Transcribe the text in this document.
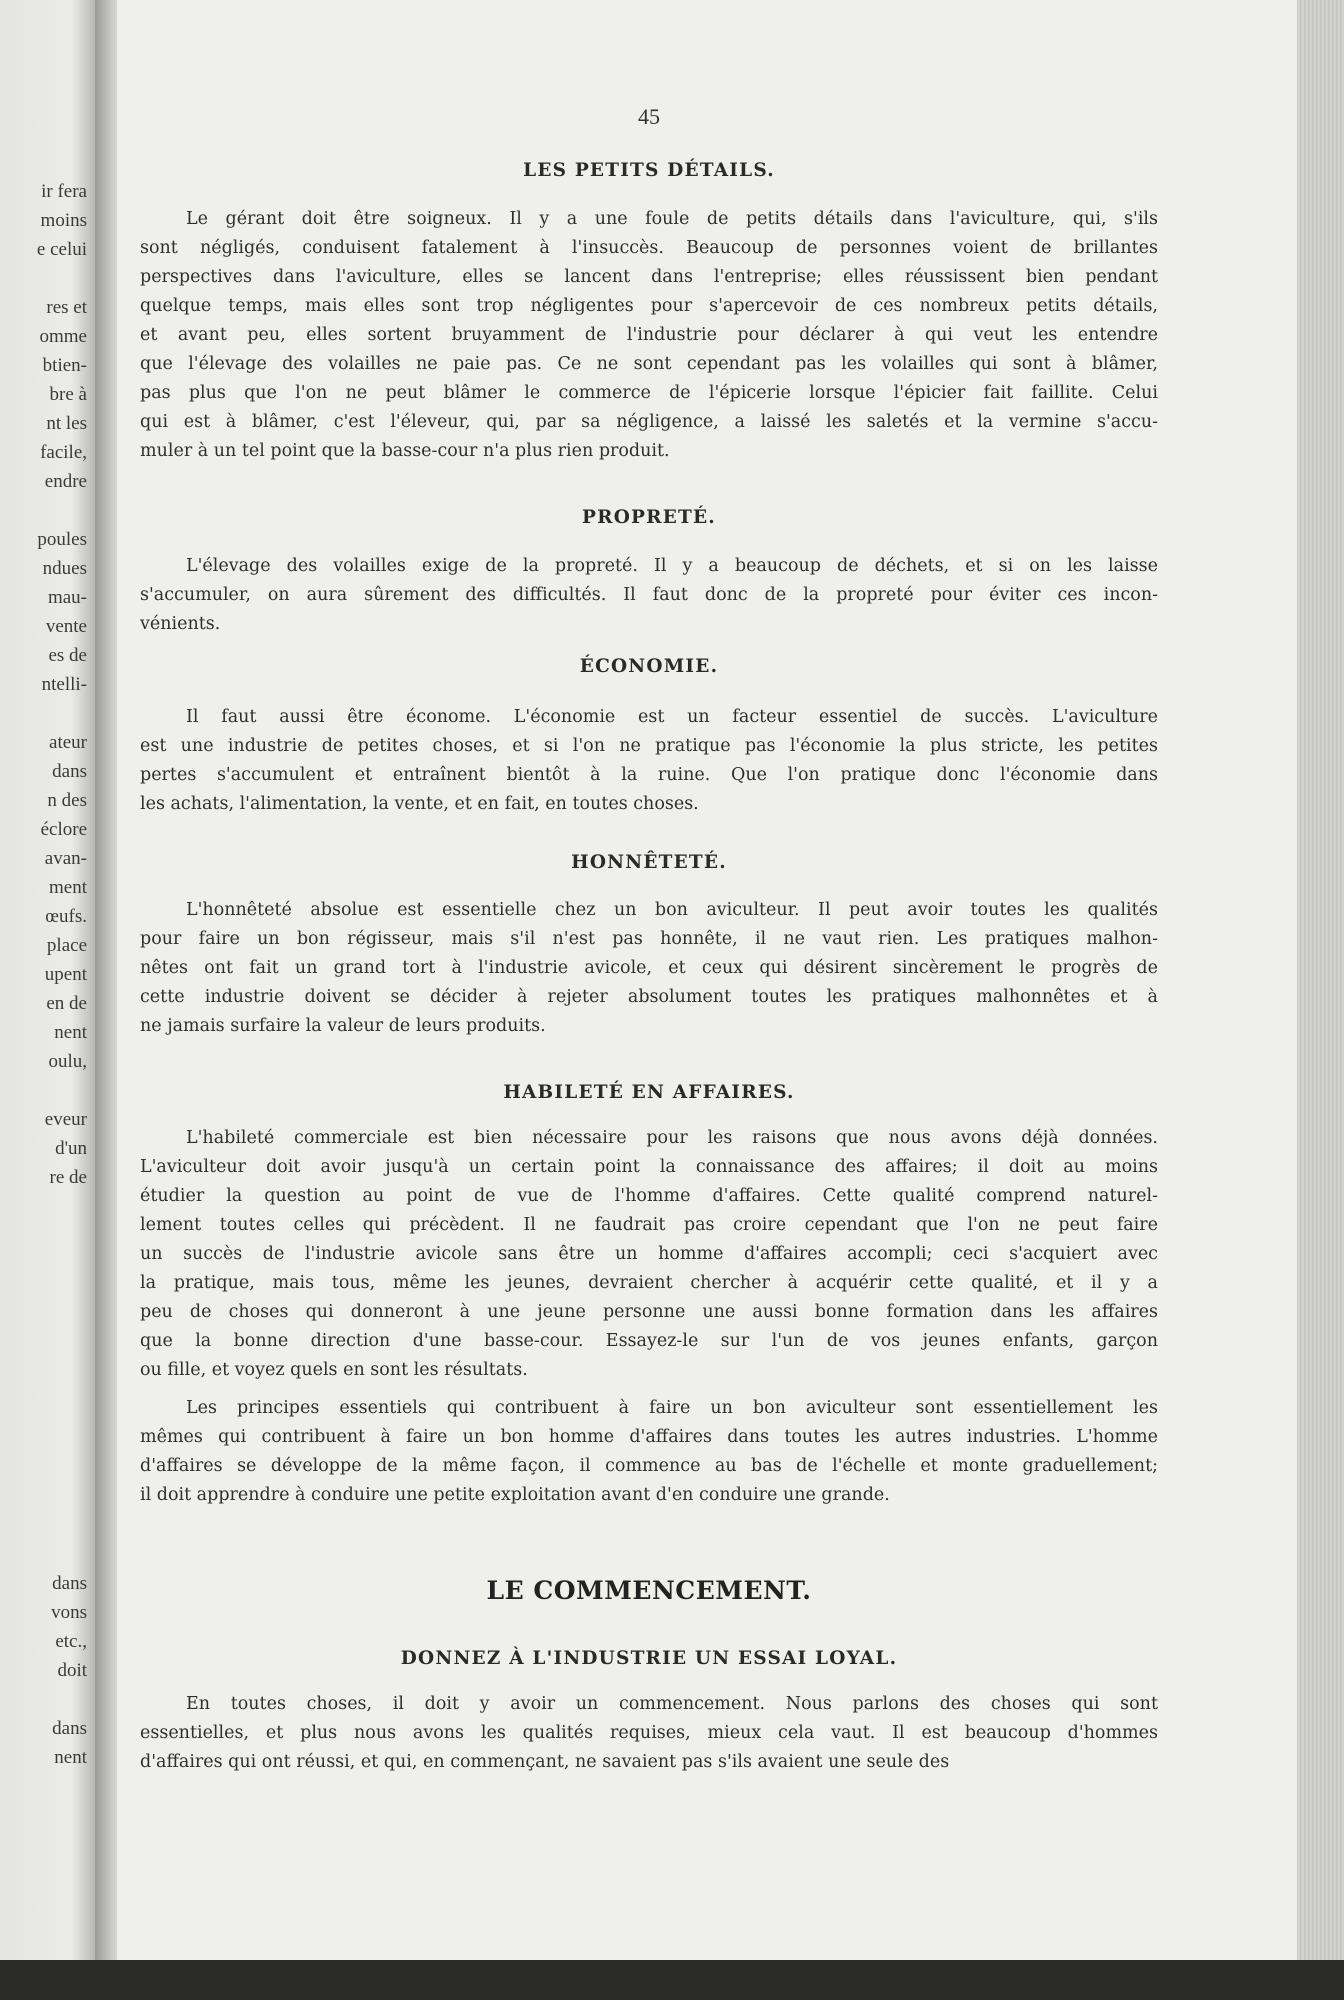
ir fera
moins
e celui
res et
omme
btien-
bre à
nt les
facile,
endre
poules
ndues
mau-
vente
es de
ntelli-
ateur
dans
n des
éclore
avan-
ment
œufs.
place
upent
en de
nent
oulu,
eveur
d'un
re de
dans
vons
etc.,
doit
dans
nent
45
LES PETITS DÉTAILS.
Le gérant doit être soigneux. Il y a une foule de petits détails dans l'aviculture, qui, s'ils
sont négligés, conduisent fatalement à l'insuccès. Beaucoup de personnes voient de brillantes
perspectives dans l'aviculture, elles se lancent dans l'entreprise; elles réussissent bien pendant
quelque temps, mais elles sont trop négligentes pour s'apercevoir de ces nombreux petits détails,
et avant peu, elles sortent bruyamment de l'industrie pour déclarer à qui veut les entendre
que l'élevage des volailles ne paie pas. Ce ne sont cependant pas les volailles qui sont à blâmer,
pas plus que l'on ne peut blâmer le commerce de l'épicerie lorsque l'épicier fait faillite. Celui
qui est à blâmer, c'est l'éleveur, qui, par sa négligence, a laissé les saletés et la vermine s'accu-
muler à un tel point que la basse-cour n'a plus rien produit.
PROPRETÉ.
L'élevage des volailles exige de la propreté. Il y a beaucoup de déchets, et si on les laisse
s'accumuler, on aura sûrement des difficultés. Il faut donc de la propreté pour éviter ces incon-
vénients.
ÉCONOMIE.
Il faut aussi être économe. L'économie est un facteur essentiel de succès. L'aviculture
est une industrie de petites choses, et si l'on ne pratique pas l'économie la plus stricte, les petites
pertes s'accumulent et entraînent bientôt à la ruine. Que l'on pratique donc l'économie dans
les achats, l'alimentation, la vente, et en fait, en toutes choses.
HONNÊTETÉ.
L'honnêteté absolue est essentielle chez un bon aviculteur. Il peut avoir toutes les qualités
pour faire un bon régisseur, mais s'il n'est pas honnête, il ne vaut rien. Les pratiques malhon-
nêtes ont fait un grand tort à l'industrie avicole, et ceux qui désirent sincèrement le progrès de
cette industrie doivent se décider à rejeter absolument toutes les pratiques malhonnêtes et à
ne jamais surfaire la valeur de leurs produits.
HABILETÉ EN AFFAIRES.
L'habileté commerciale est bien nécessaire pour les raisons que nous avons déjà données.
L'aviculteur doit avoir jusqu'à un certain point la connaissance des affaires; il doit au moins
étudier la question au point de vue de l'homme d'affaires. Cette qualité comprend naturel-
lement toutes celles qui précèdent. Il ne faudrait pas croire cependant que l'on ne peut faire
un succès de l'industrie avicole sans être un homme d'affaires accompli; ceci s'acquiert avec
la pratique, mais tous, même les jeunes, devraient chercher à acquérir cette qualité, et il y a
peu de choses qui donneront à une jeune personne une aussi bonne formation dans les affaires
que la bonne direction d'une basse-cour. Essayez-le sur l'un de vos jeunes enfants, garçon
ou fille, et voyez quels en sont les résultats.
Les principes essentiels qui contribuent à faire un bon aviculteur sont essentiellement les
mêmes qui contribuent à faire un bon homme d'affaires dans toutes les autres industries. L'homme
d'affaires se développe de la même façon, il commence au bas de l'échelle et monte graduellement;
il doit apprendre à conduire une petite exploitation avant d'en conduire une grande.
LE COMMENCEMENT.
DONNEZ À L'INDUSTRIE UN ESSAI LOYAL.
En toutes choses, il doit y avoir un commencement. Nous parlons des choses qui sont
essentielles, et plus nous avons les qualités requises, mieux cela vaut. Il est beaucoup d'hommes
d'affaires qui ont réussi, et qui, en commençant, ne savaient pas s'ils avaient une seule des
